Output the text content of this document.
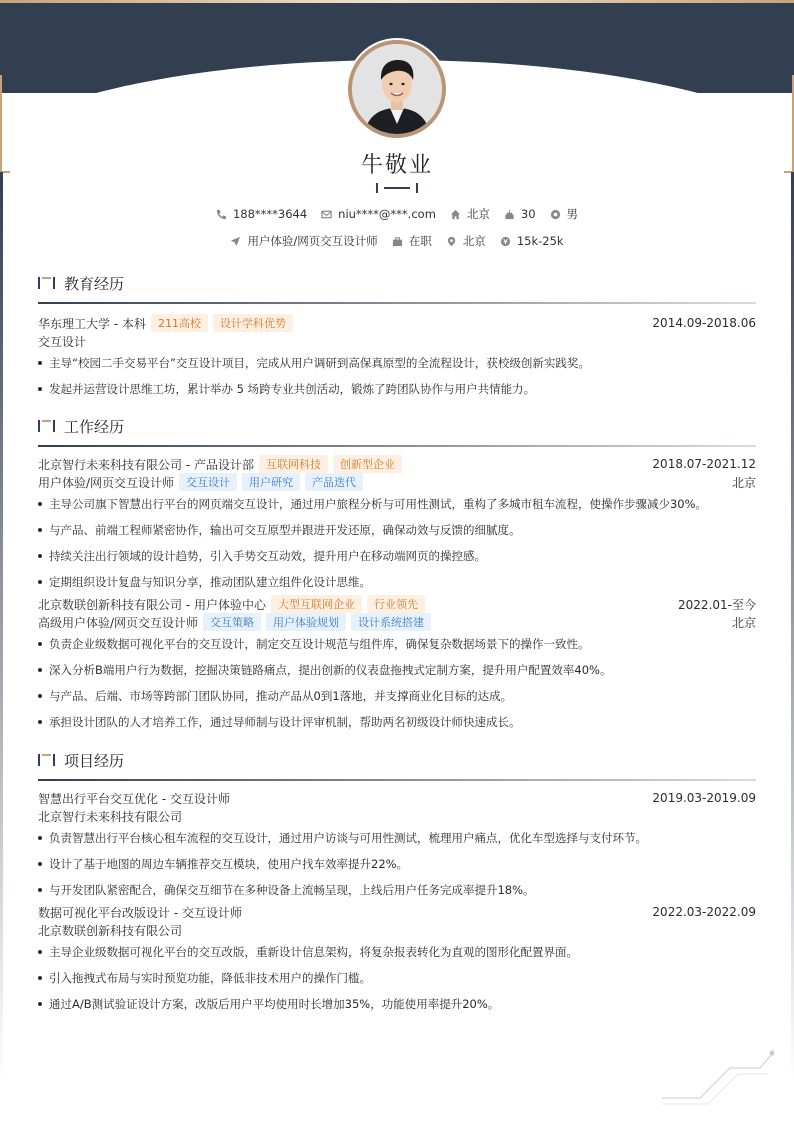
牛敬业
188****3644	niu****@***.com	北京	30	男
用户体验/网页交互设计师	在职	北京	15k-25k
教育经历
华东理工大学 - 本科	211高校	设计学科优势	2014.09-2018.06
交互设计
主导“校园二手交易平台”交互设计项目，完成从用户调研到高保真原型的全流程设计，获校级创新实践奖。
发起并运营设计思维工坊，累计举办 5 场跨专业共创活动，锻炼了跨团队协作与用户共情能力。
工作经历
北京智行未来科技有限公司 - 产品设计部	互联网科技	创新型企业	2018.07-2021.12
用户体验/网页交互设计师	交互设计	用户研究	产品迭代	北京
主导公司旗下智慧出行平台的网页端交互设计，通过用户旅程分析与可用性测试，重构了多城市租车流程，使操作步骤减少30%。
与产品、前端工程师紧密协作，输出可交互原型并跟进开发还原，确保动效与反馈的细腻度。
持续关注出行领域的设计趋势，引入手势交互动效，提升用户在移动端网页的操控感。
定期组织设计复盘与知识分享，推动团队建立组件化设计思维。
北京数联创新科技有限公司 - 用户体验中心	大型互联网企业	行业领先	2022.01-至今
高级用户体验/网页交互设计师	交互策略	用户体验规划	设计系统搭建	北京
负责企业级数据可视化平台的交互设计，制定交互设计规范与组件库，确保复杂数据场景下的操作一致性。
深入分析B端用户行为数据，挖掘决策链路痛点，提出创新的仪表盘拖拽式定制方案，提升用户配置效率40%。
与产品、后端、市场等跨部门团队协同，推动产品从0到1落地，并支撑商业化目标的达成。
承担设计团队的人才培养工作，通过导师制与设计评审机制，帮助两名初级设计师快速成长。
项目经历
智慧出行平台交互优化 - 交互设计师	2019.03-2019.09
北京智行未来科技有限公司
负责智慧出行平台核心租车流程的交互设计，通过用户访谈与可用性测试，梳理用户痛点，优化车型选择与支付环节。
设计了基于地图的周边车辆推荐交互模块，使用户找车效率提升22%。
与开发团队紧密配合，确保交互细节在多种设备上流畅呈现，上线后用户任务完成率提升18%。
数据可视化平台改版设计 - 交互设计师	2022.03-2022.09
北京数联创新科技有限公司
主导企业级数据可视化平台的交互改版，重新设计信息架构，将复杂报表转化为直观的图形化配置界面。
引入拖拽式布局与实时预览功能，降低非技术用户的操作门槛。
通过A/B测试验证设计方案，改版后用户平均使用时长增加35%，功能使用率提升20%。
